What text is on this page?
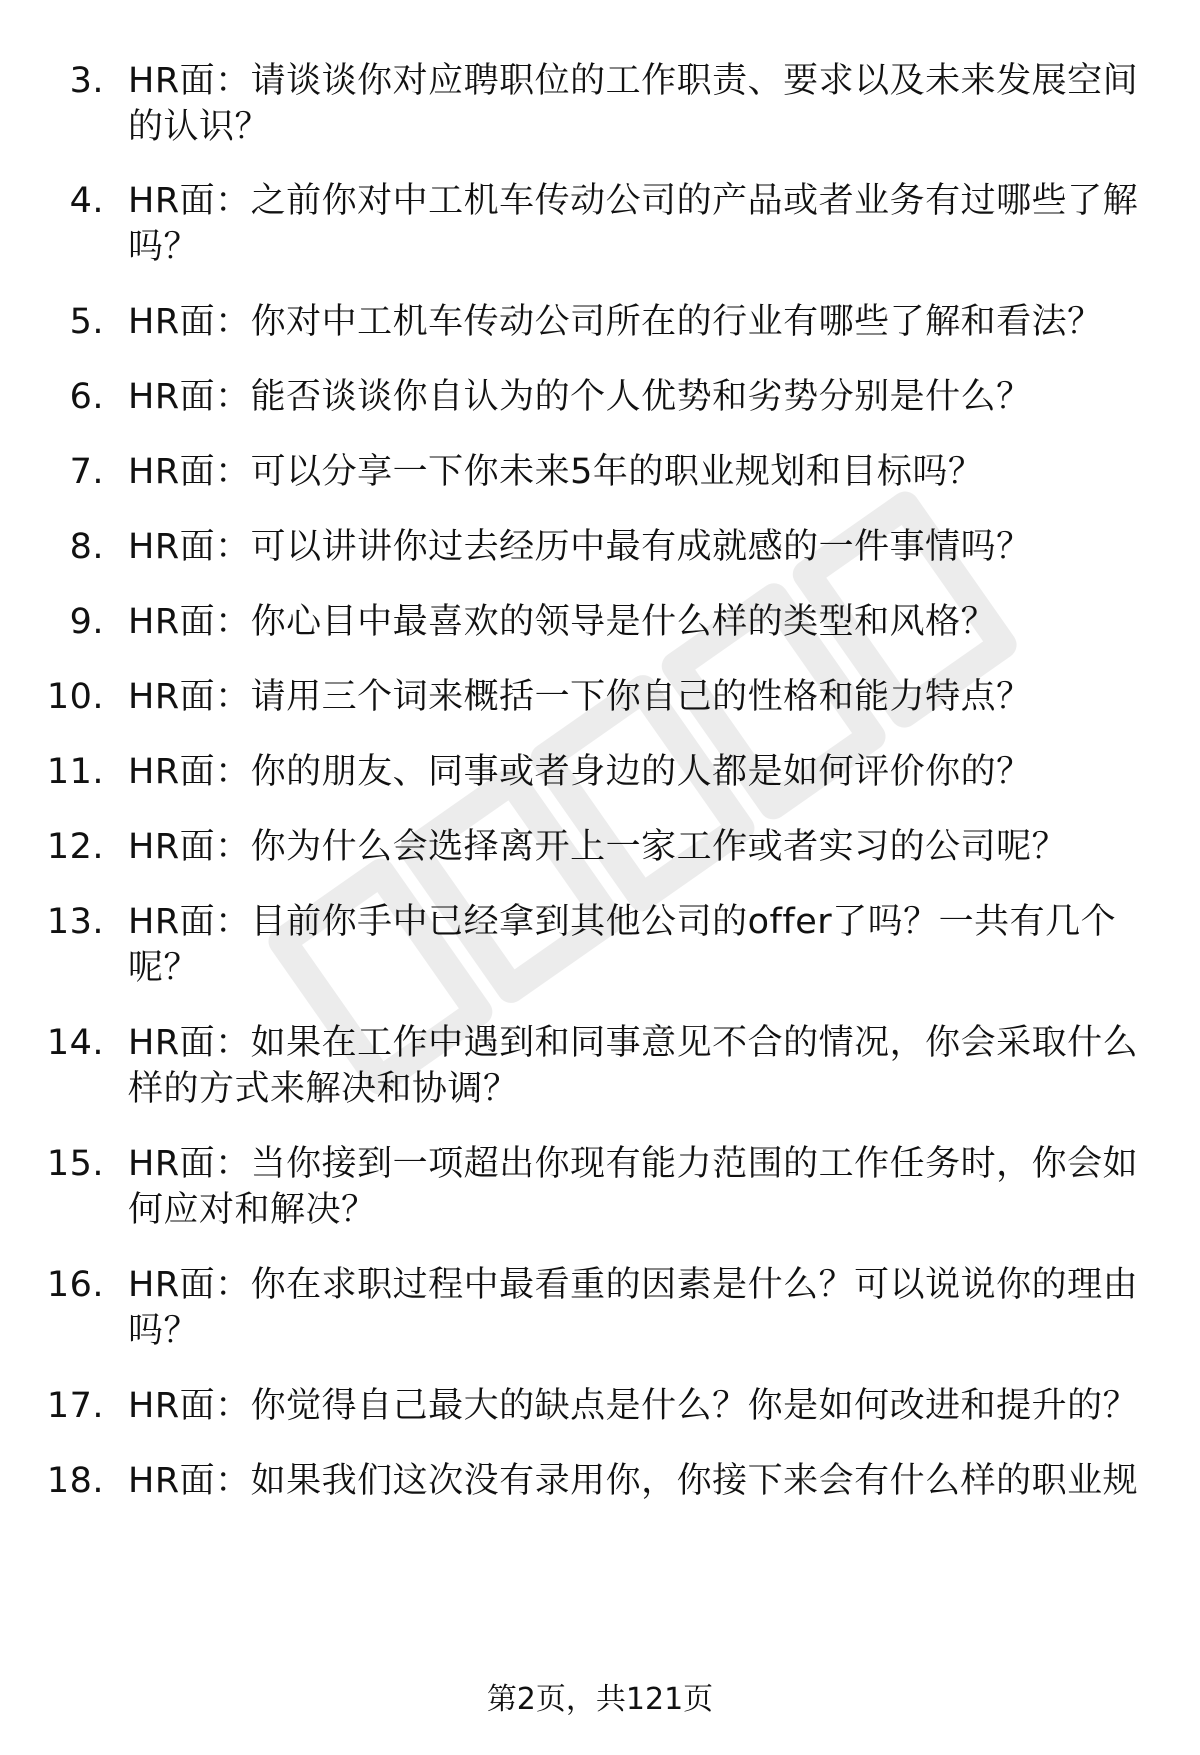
3. HR面：请谈谈你对应聘职位的工作职责、要求以及未来发展空间的认识？
4. HR面：之前你对中工机车传动公司的产品或者业务有过哪些了解吗？
5. HR面：你对中工机车传动公司所在的行业有哪些了解和看法？
6. HR面：能否谈谈你自认为的个人优势和劣势分别是什么？
7. HR面：可以分享一下你未来5年的职业规划和目标吗？
8. HR面：可以讲讲你过去经历中最有成就感的一件事情吗？
9. HR面：你心目中最喜欢的领导是什么样的类型和风格？
10. HR面：请用三个词来概括一下你自己的性格和能力特点？
11. HR面：你的朋友、同事或者身边的人都是如何评价你的？
12. HR面：你为什么会选择离开上一家工作或者实习的公司呢？
13. HR面：目前你手中已经拿到其他公司的offer了吗？一共有几个呢？
14. HR面：如果在工作中遇到和同事意见不合的情况，你会采取什么样的方式来解决和协调？
15. HR面：当你接到一项超出你现有能力范围的工作任务时，你会如何应对和解决？
16. HR面：你在求职过程中最看重的因素是什么？可以说说你的理由吗？
17. HR面：你觉得自己最大的缺点是什么？你是如何改进和提升的？
18. HR面：如果我们这次没有录用你，你接下来会有什么样的职业规
第2页，共121页
